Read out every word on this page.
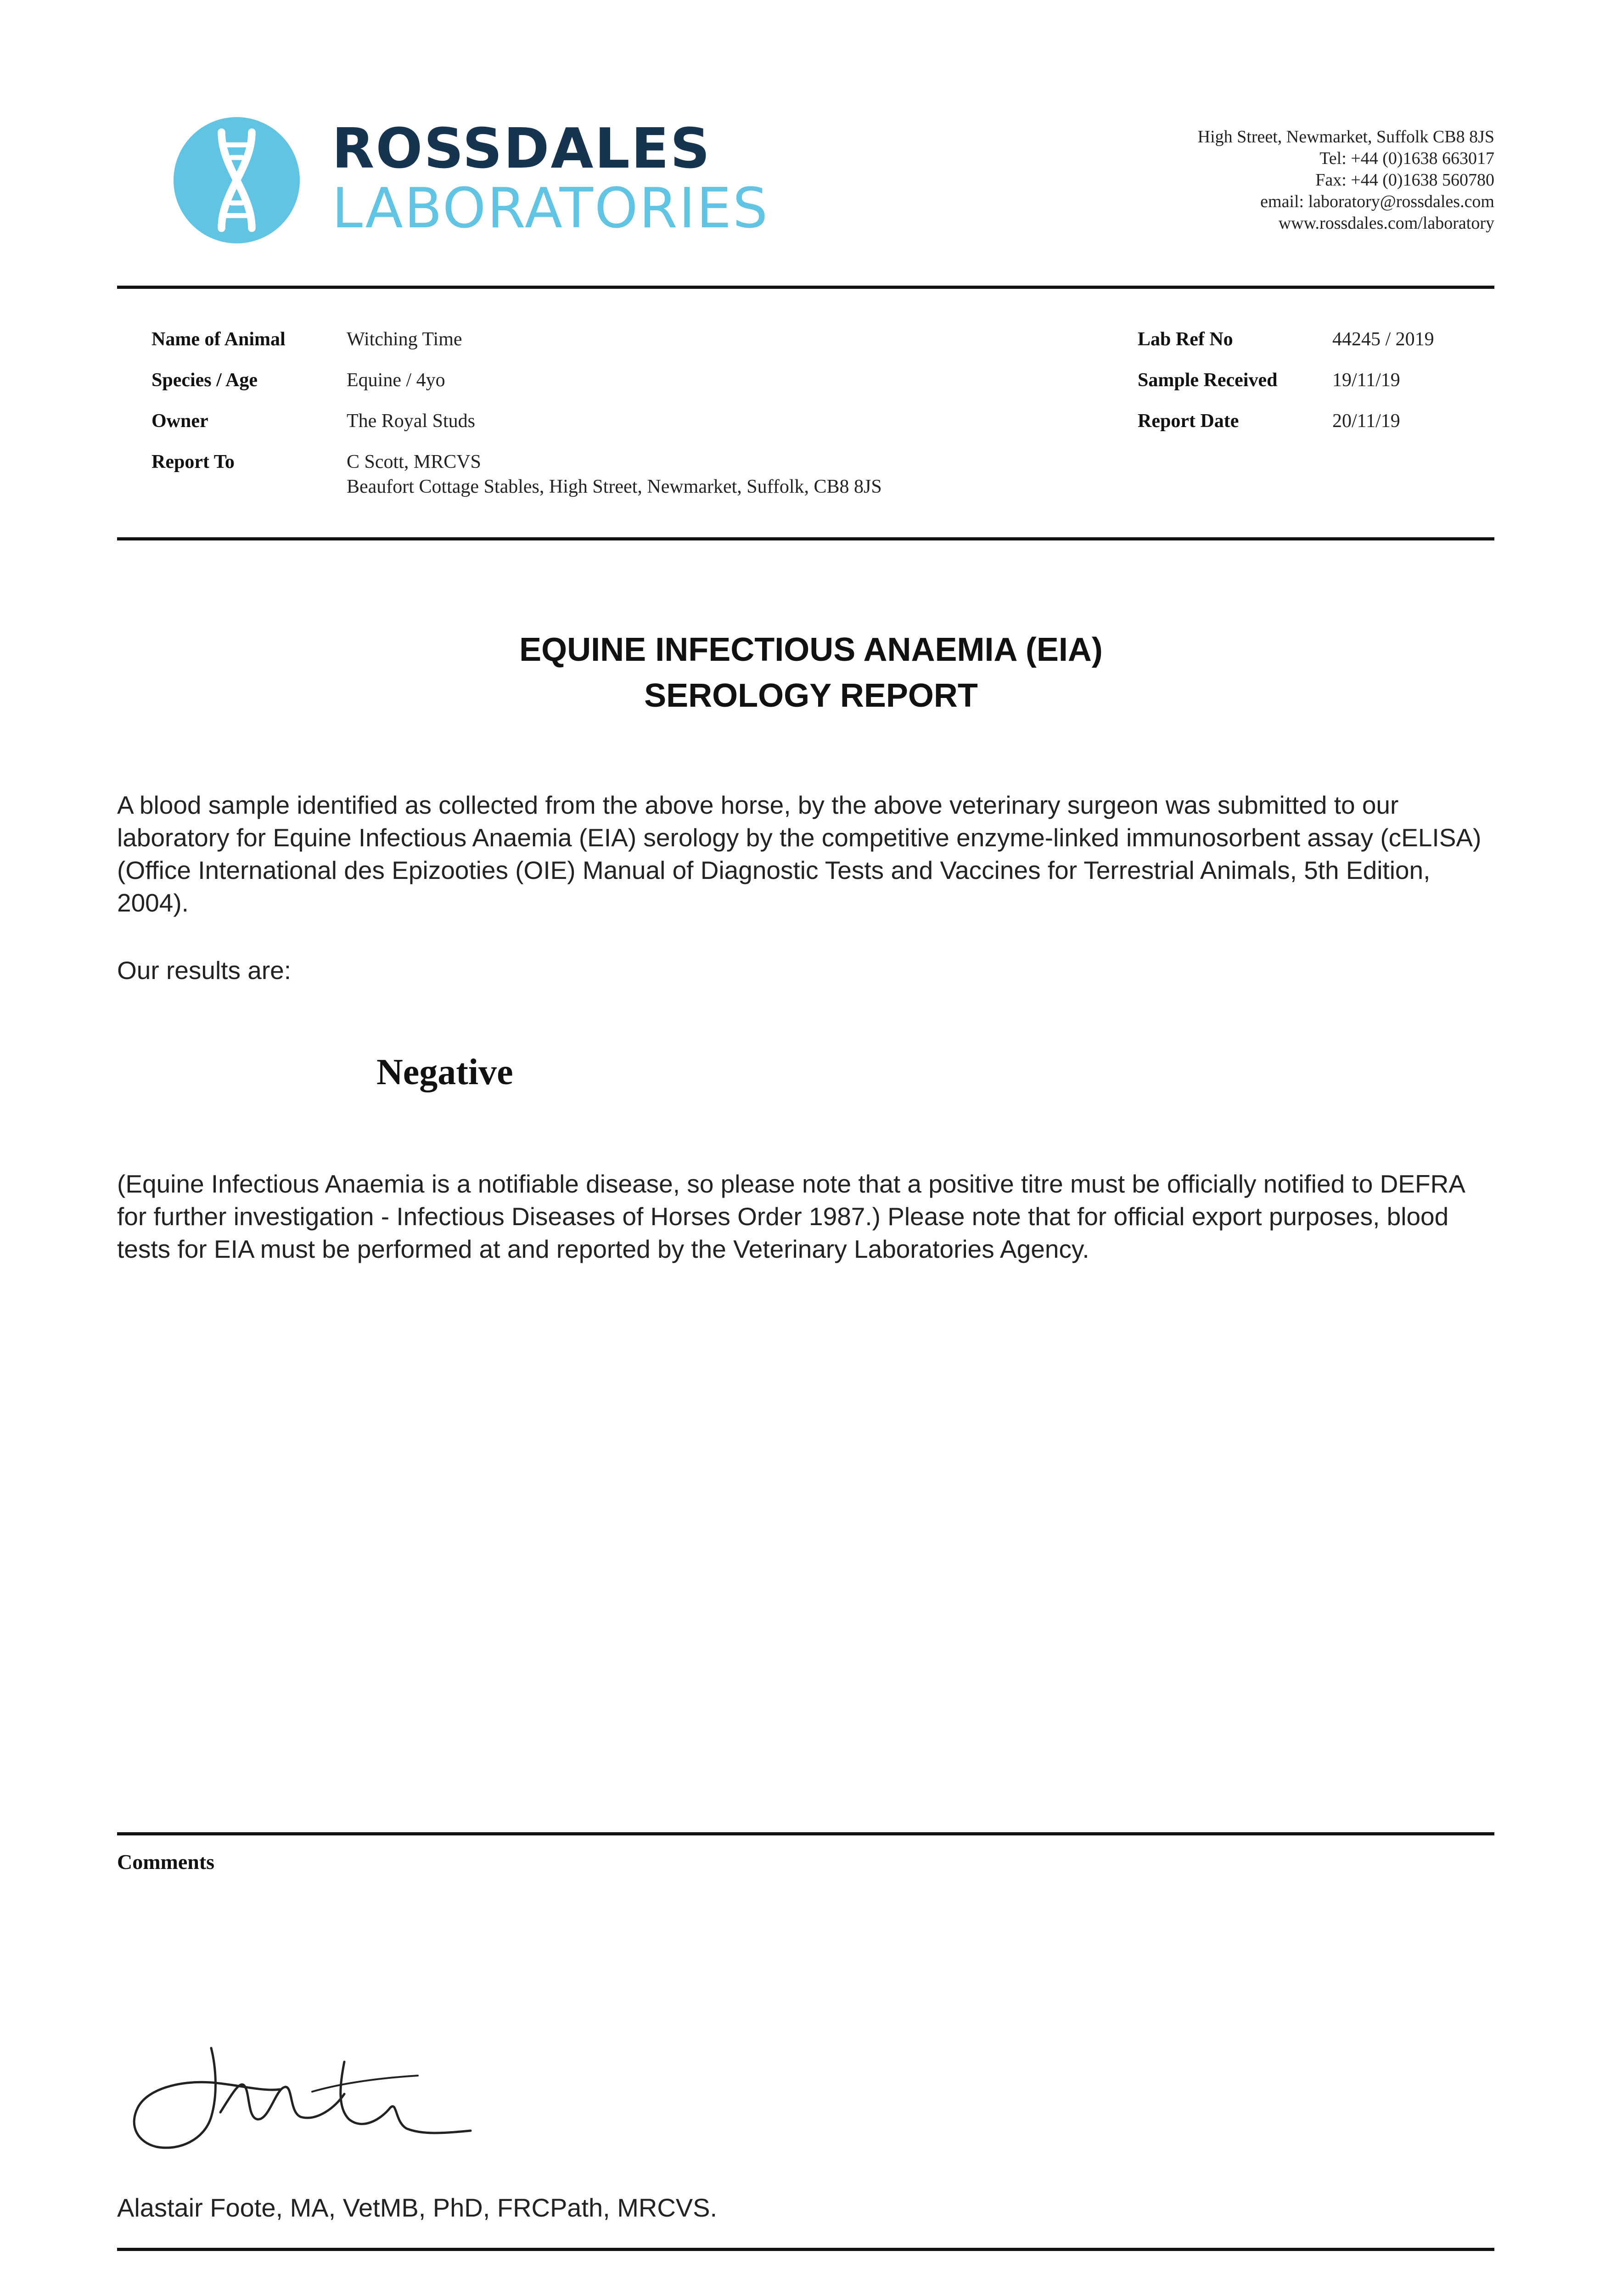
ROSSDALES
LABORATORIES
High Street, Newmarket, Suffolk CB8 8JS
Tel: +44 (0)1638 663017
Fax: +44 (0)1638 560780
email: laboratory@rossdales.com
www.rossdales.com/laboratory
Name of Animal	Witching Time
Species / Age	Equine / 4yo
Owner	The Royal Studs
Report To	C Scott, MRCVS
Beaufort Cottage Stables, High Street, Newmarket, Suffolk, CB8 8JS
Lab Ref No	44245 / 2019
Sample Received	19/11/19
Report Date	20/11/19
EQUINE INFECTIOUS ANAEMIA (EIA)
SEROLOGY REPORT
A blood sample identified as collected from the above horse, by the above veterinary surgeon was submitted to our laboratory for Equine Infectious Anaemia (EIA) serology by the competitive enzyme-linked immunosorbent assay (cELISA) (Office International des Epizooties (OIE) Manual of Diagnostic Tests and Vaccines for Terrestrial Animals, 5th Edition, 2004).
Our results are:
Negative
(Equine Infectious Anaemia is a notifiable disease, so please note that a positive titre must be officially notified to DEFRA for further investigation - Infectious Diseases of Horses Order 1987.) Please note that for official export purposes, blood tests for EIA must be performed at and reported by the Veterinary Laboratories Agency.
Comments
Alastair Foote, MA, VetMB, PhD, FRCPath, MRCVS.
